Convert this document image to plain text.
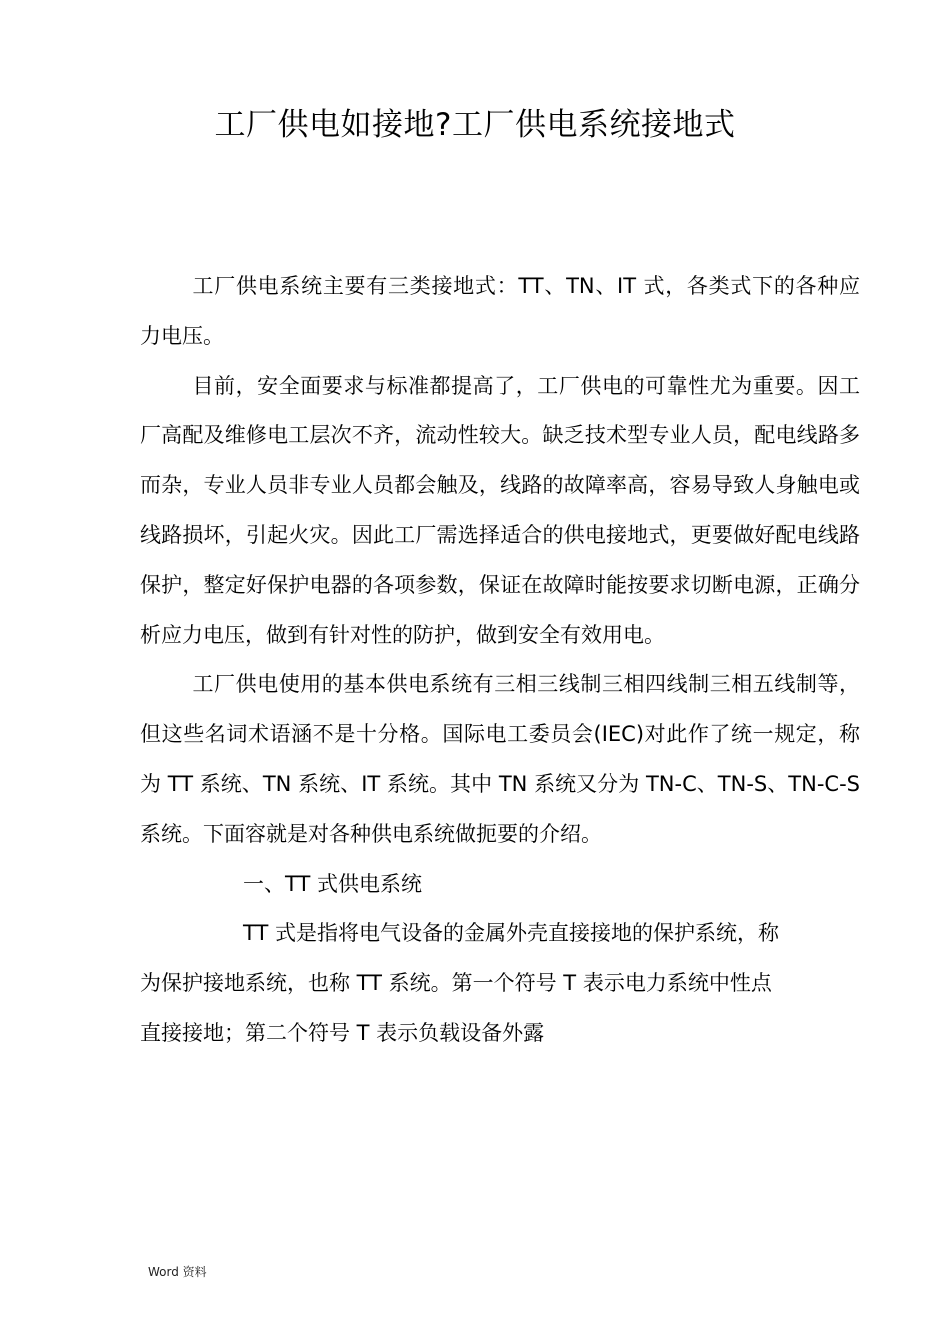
工厂供电如接地?工厂供电系统接地式

工厂供电系统主要有三类接地式：TT、TN、IT 式，各类式下的各种应力电压。

目前，安全面要求与标准都提高了，工厂供电的可靠性尤为重要。因工厂高配及维修电工层次不齐，流动性较大。缺乏技术型专业人员，配电线路多而杂，专业人员非专业人员都会触及，线路的故障率高，容易导致人身触电或线路损坏，引起火灾。因此工厂需选择适合的供电接地式，更要做好配电线路保护，整定好保护电器的各项参数，保证在故障时能按要求切断电源，正确分析应力电压，做到有针对性的防护，做到安全有效用电。

工厂供电使用的基本供电系统有三相三线制三相四线制三相五线制等，但这些名词术语涵不是十分格。国际电工委员会(IEC)对此作了统一规定，称为 TT 系统、TN 系统、IT 系统。其中 TN 系统又分为 TN-C、TN-S、TN-C-S 系统。下面容就是对各种供电系统做扼要的介绍。

一、TT 式供电系统

TT 式是指将电气设备的金属外壳直接接地的保护系统，称为保护接地系统，也称 TT 系统。第一个符号 T 表示电力系统中性点直接接地；第二个符号 T 表示负载设备外露

Word 资料
